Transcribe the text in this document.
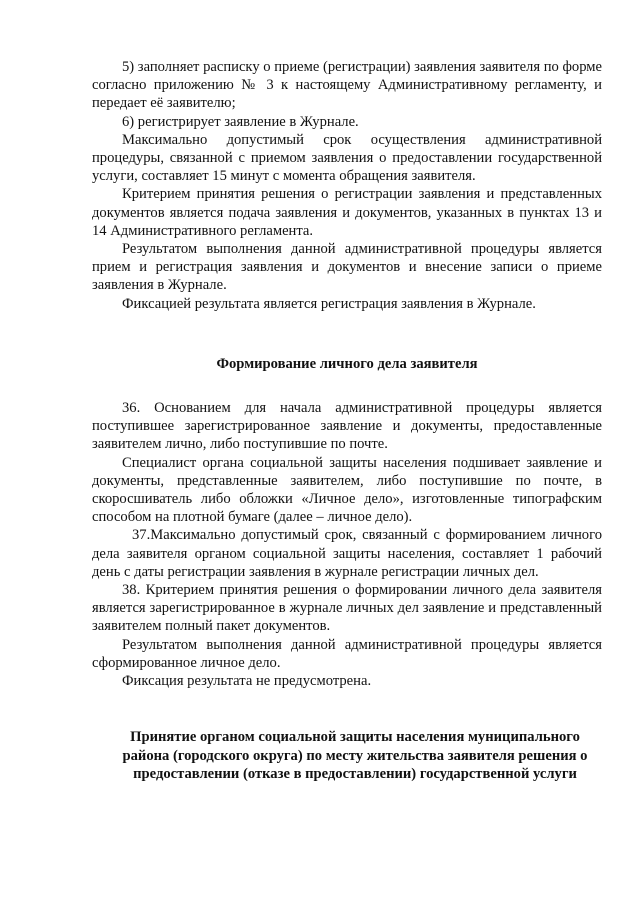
5) заполняет расписку о приеме (регистрации) заявления заявителя по форме согласно приложению № 3 к настоящему Административному регламенту, и передает её заявителю;

6) регистрирует заявление в Журнале.

Максимально допустимый срок осуществления административной процедуры, связанной с приемом заявления о предоставлении государственной услуги, составляет 15 минут с момента обращения заявителя.

Критерием принятия решения о регистрации заявления и представленных документов является подача заявления и документов, указанных в пунктах 13 и 14 Административного регламента.

Результатом выполнения данной административной процедуры является прием и регистрация заявления и документов и внесение записи о приеме заявления в Журнале.

Фиксацией результата является регистрация заявления в Журнале.

Формирование личного дела заявителя

36. Основанием для начала административной процедуры является поступившее зарегистрированное заявление и документы, предоставленные заявителем лично, либо поступившие по почте.

Специалист органа социальной защиты населения подшивает заявление и документы, представленные заявителем, либо поступившие по почте, в скоросшиватель либо обложки «Личное дело», изготовленные типографским способом на плотной бумаге (далее – личное дело).

37.Максимально допустимый срок, связанный с формированием личного дела заявителя органом социальной защиты населения, составляет 1 рабочий день с даты регистрации заявления в журнале регистрации личных дел.

38. Критерием принятия решения о формировании личного дела заявителя является зарегистрированное в журнале личных дел заявление и представленный заявителем полный пакет документов.

Результатом выполнения данной административной процедуры является сформированное личное дело.

Фиксация результата не предусмотрена.

Принятие органом социальной защиты населения муниципального района (городского округа) по месту жительства заявителя решения о предоставлении (отказе в предоставлении) государственной услуги
